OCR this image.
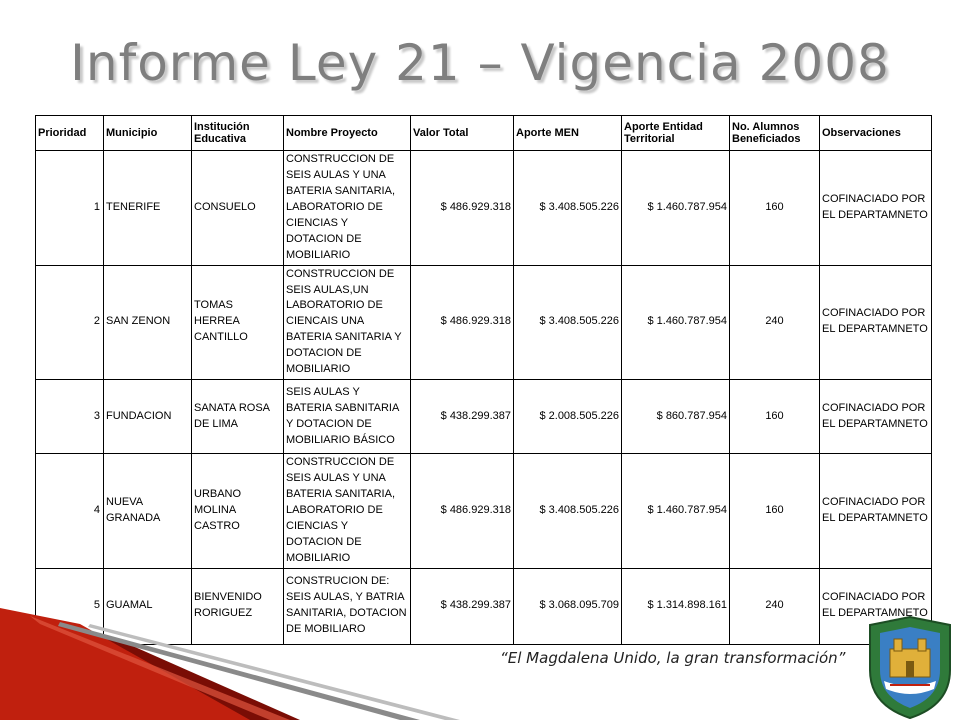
Informe Ley 21 – Vigencia 2008
Prioridad	Municipio	Institución Educativa	Nombre Proyecto	Valor Total	Aporte MEN	Aporte Entidad Territorial	No. Alumnos Beneficiados	Observaciones
1	TENERIFE	CONSUELO	CONSTRUCCION DE SEIS AULAS Y UNA BATERIA SANITARIA, LABORATORIO DE CIENCIAS Y DOTACION DE MOBILIARIO	$ 486.929.318	$ 3.408.505.226	$ 1.460.787.954	160	COFINACIADO POR EL DEPARTAMNETO
2	SAN ZENON	TOMAS HERREA CANTILLO	CONSTRUCCION DE SEIS AULAS,UN LABORATORIO DE CIENCAIS UNA BATERIA SANITARIA Y DOTACION DE MOBILIARIO	$ 486.929.318	$ 3.408.505.226	$ 1.460.787.954	240	COFINACIADO POR EL DEPARTAMNETO
3	FUNDACION	SANATA ROSA DE LIMA	SEIS AULAS Y BATERIA SABNITARIA Y DOTACION DE MOBILIARIO BÁSICO	$ 438.299.387	$ 2.008.505.226	$ 860.787.954	160	COFINACIADO POR EL DEPARTAMNETO
4	NUEVA GRANADA	URBANO MOLINA CASTRO	CONSTRUCCION DE SEIS AULAS Y UNA BATERIA SANITARIA, LABORATORIO DE CIENCIAS Y DOTACION DE MOBILIARIO	$ 486.929.318	$ 3.408.505.226	$ 1.460.787.954	160	COFINACIADO POR EL DEPARTAMNETO
5	GUAMAL	BIENVENIDO RORIGUEZ	CONSTRUCION DE: SEIS AULAS, Y BATRIA SANITARIA, DOTACION DE MOBILIARO	$ 438.299.387	$ 3.068.095.709	$ 1.314.898.161	240	COFINACIADO POR EL DEPARTAMNETO
“El Magdalena Unido, la gran transformación”
